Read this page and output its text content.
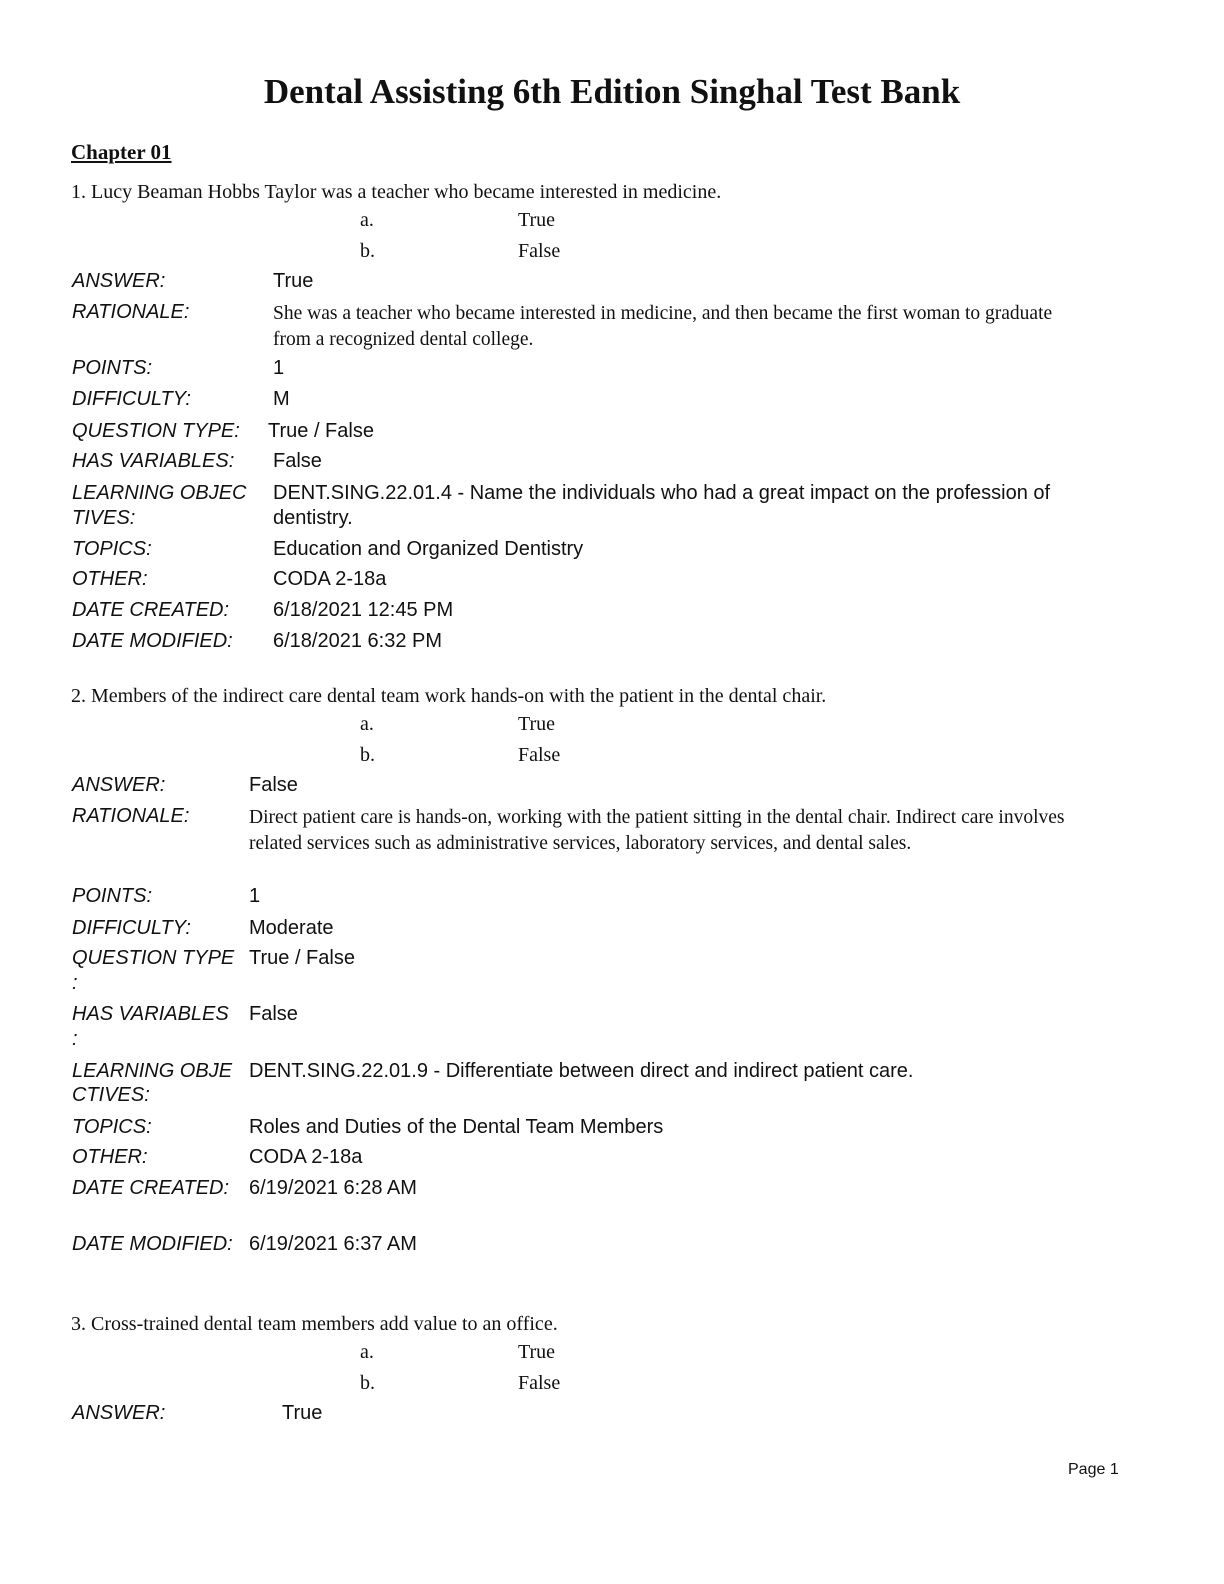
Dental Assisting 6th Edition Singhal Test Bank
Chapter 01
1. Lucy Beaman Hobbs Taylor was a teacher who became interested in medicine.
a.	True
b.	False
ANSWER:	True
RATIONALE:	She was a teacher who became interested in medicine, and then became the first woman to graduate from a recognized dental college.
POINTS:	1
DIFFICULTY:	M
QUESTION TYPE: True / False
HAS VARIABLES: False
LEARNING OBJEC
TIVES:
DENT.SING.22.01.4 - Name the individuals who had a great impact on the profession of
dentistry.
TOPICS:	Education and Organized Dentistry
OTHER:	CODA 2-18a
DATE CREATED: 6/18/2021 12:45 PM
DATE MODIFIED: 6/18/2021 6:32 PM
2. Members of the indirect care dental team work hands-on with the patient in the dental chair.
a.	True
b.	False
ANSWER:	False
RATIONALE:	Direct patient care is hands-on, working with the patient sitting in the dental chair. Indirect care involves related services such as administrative services, laboratory services, and dental sales.
POINTS:	1
DIFFICULTY:	Moderate
QUESTION TYPE
:
True / False
HAS VARIABLES
:
False
LEARNING OBJE
CTIVES:
DENT.SING.22.01.9 - Differentiate between direct and indirect patient care.
TOPICS:	Roles and Duties of the Dental Team Members
OTHER:	CODA 2-18a
DATE CREATED: 6/19/2021 6:28 AM
DATE MODIFIED: 6/19/2021 6:37 AM
3. Cross-trained dental team members add value to an office.
a.	True
b.	False
ANSWER:	True
Page 1
